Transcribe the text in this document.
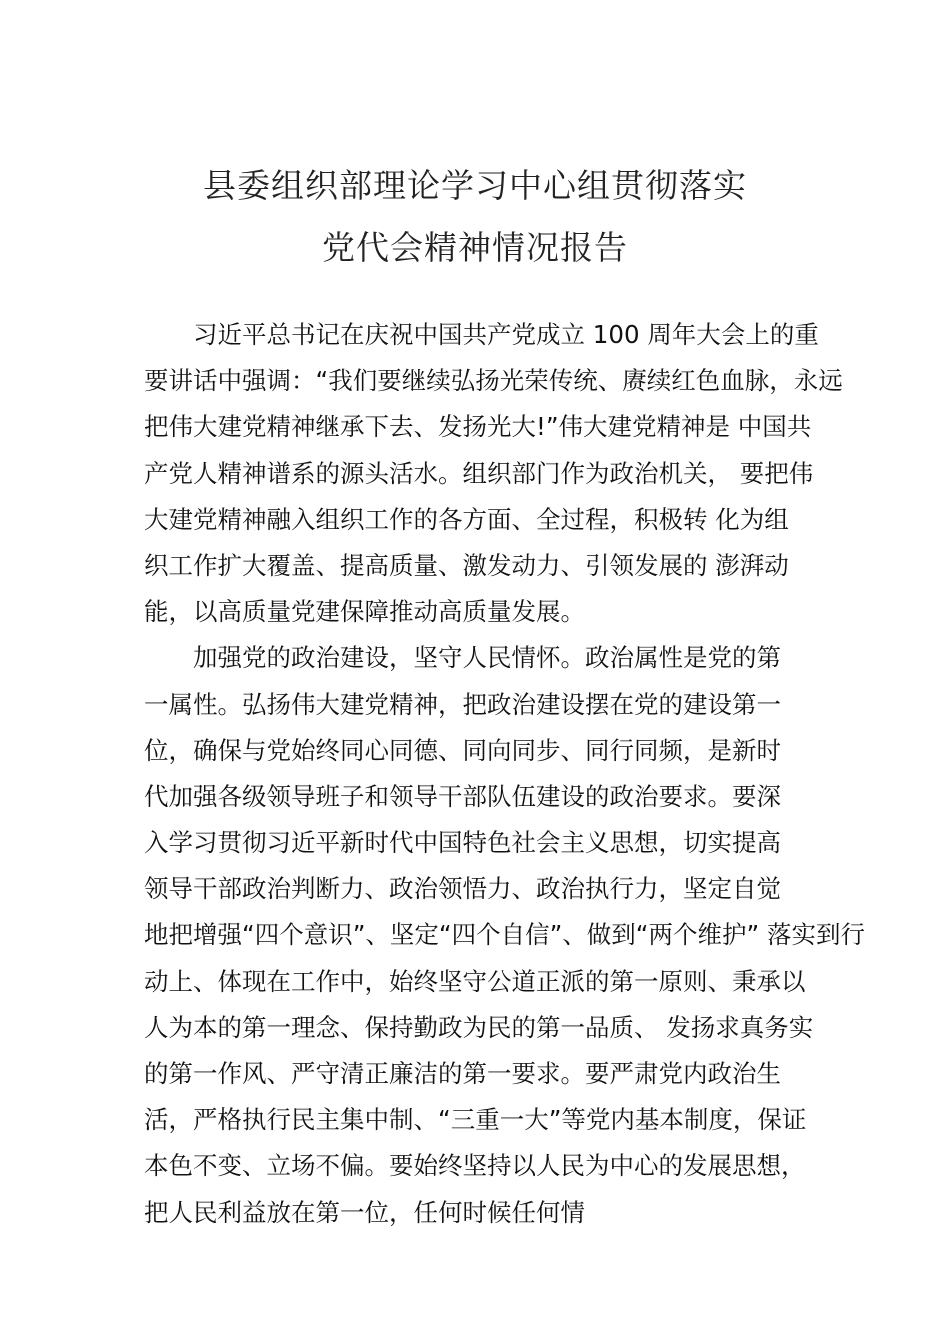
县委组织部理论学习中心组贯彻落实
党代会精神情况报告
习近平总书记在庆祝中国共产党成立 100 周年大会上的重
要讲话中强调：“我们要继续弘扬光荣传统、赓续红色血脉，永远
把伟大建党精神继承下去、发扬光大!”伟大建党精神是 中国共
产党人精神谱系的源头活水。组织部门作为政治机关， 要把伟
大建党精神融入组织工作的各方面、全过程，积极转 化为组
织工作扩大覆盖、提高质量、激发动力、引领发展的 澎湃动
能，以高质量党建保障推动高质量发展。
加强党的政治建设，坚守人民情怀。政治属性是党的第
一属性。弘扬伟大建党精神，把政治建设摆在党的建设第一
位，确保与党始终同心同德、同向同步、同行同频，是新时
代加强各级领导班子和领导干部队伍建设的政治要求。要深
入学习贯彻习近平新时代中国特色社会主义思想，切实提高
领导干部政治判断力、政治领悟力、政治执行力，坚定自觉
地把增强“四个意识”、坚定“四个自信”、做到“两个维护” 落实到行
动上、体现在工作中，始终坚守公道正派的第一原则、秉承以
人为本的第一理念、保持勤政为民的第一品质、 发扬求真务实
的第一作风、严守清正廉洁的第一要求。要严肃党内政治生
活，严格执行民主集中制、“三重一大”等党内基本制度，保证
本色不变、立场不偏。要始终坚持以人民为中心的发展思想，
把人民利益放在第一位，任何时候任何情
